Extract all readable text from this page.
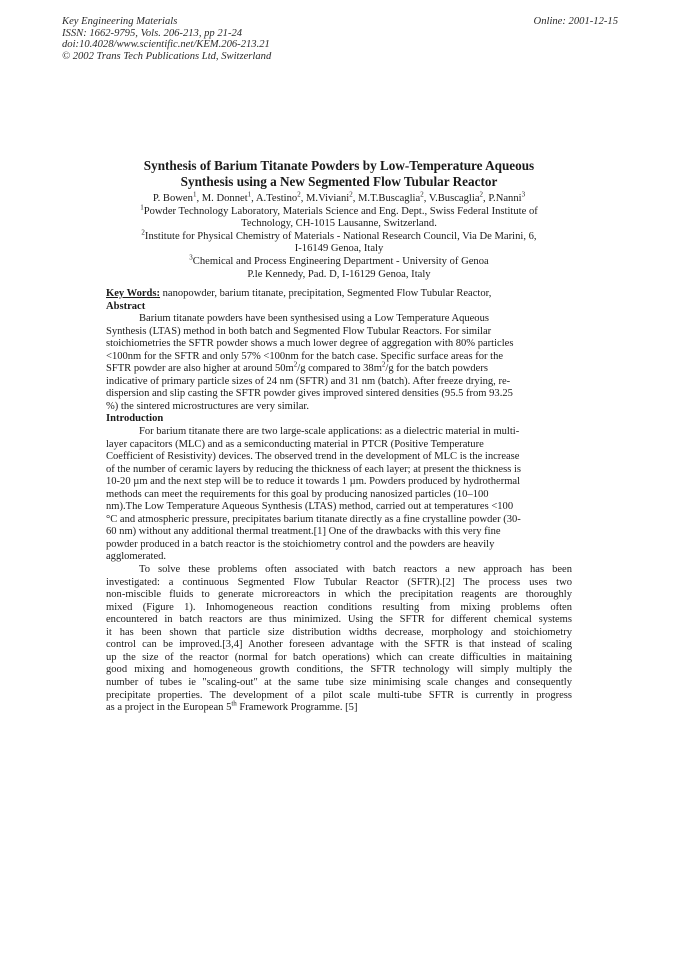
Key Engineering Materials
ISSN: 1662-9795, Vols. 206-213, pp 21-24
doi:10.4028/www.scientific.net/KEM.206-213.21
© 2002 Trans Tech Publications Ltd, Switzerland
Online: 2001-12-15
Synthesis of Barium Titanate Powders by Low-Temperature Aqueous
Synthesis using a New Segmented Flow Tubular Reactor
P. Bowen$^1$, M. Donnet$^1$, A.Testino$^2$, M.Viviani$^2$, M.T.Buscaglia$^2$, V.Buscaglia$^2$, P.Nanni$^3$
$^1$Powder Technology Laboratory, Materials Science and Eng. Dept., Swiss Federal Institute of
Technology, CH-1015 Lausanne, Switzerland.
$^2$Institute for Physical Chemistry of Materials - National Research Council, Via De Marini, 6,
I-16149 Genoa, Italy
$^3$Chemical and Process Engineering Department - University of Genoa
P.le Kennedy, Pad. D, I-16129 Genoa, Italy
Key Words: nanopowder, barium titanate, precipitation, Segmented Flow Tubular Reactor,
Abstract
Barium titanate powders have been synthesised using a Low Temperature Aqueous
Synthesis (LTAS) method in both batch and Segmented Flow Tubular Reactors. For similar
stoichiometries the SFTR powder shows a much lower degree of aggregation with 80% particles
<100nm for the SFTR and only 57% <100nm for the batch case. Specific surface areas for the
SFTR powder are also higher at around $50m^2/g$ compared to $38m^2/g$ for the batch powders
indicative of primary particle sizes of 24 nm (SFTR) and 31 nm (batch). After freeze drying, re-
dispersion and slip casting the SFTR powder gives improved sintered densities (95.5 from 93.25
%) the sintered microstructures are very similar.
Introduction
For barium titanate there are two large-scale applications: as a dielectric material in multi-
layer capacitors (MLC) and as a semiconducting material in PTCR (Positive Temperature
Coefficient of Resistivity) devices. The observed trend in the development of MLC is the increase
of the number of ceramic layers by reducing the thickness of each layer; at present the thickness is
10-20 µm and the next step will be to reduce it towards 1 µm. Powders produced by hydrothermal
methods can meet the requirements for this goal by producing nanosized particles (10–100
nm).The Low Temperature Aqueous Synthesis (LTAS) method, carried out at temperatures <100
°C and atmospheric pressure, precipitates barium titanate directly as a fine crystalline powder (30-
60 nm) without any additional thermal treatment.[1] One of the drawbacks with this very fine
powder produced in a batch reactor is the stoichiometry control and the powders are heavily
agglomerated.
To solve these problems often associated with batch reactors a new approach has been
investigated: a continuous Segmented Flow Tubular Reactor (SFTR).[2] The process uses two
non-miscible fluids to generate microreactors in which the precipitation reagents are thoroughly
mixed (Figure 1). Inhomogeneous reaction conditions resulting from mixing problems often
encountered in batch reactors are thus minimized. Using the SFTR for different chemical systems
it has been shown that particle size distribution widths decrease, morphology and stoichiometry
control can be improved.[3,4] Another foreseen advantage with the SFTR is that instead of scaling
up the size of the reactor (normal for batch operations) which can create difficulties in maitaining
good mixing and homogeneous growth conditions, the SFTR technology will simply multiply the
number of tubes ie "scaling-out" at the same tube size minimising scale changes and consequently
precipitate properties. The development of a pilot scale multi-tube SFTR is currently in progress
as a project in the European 5th Framework Programme. [5]
